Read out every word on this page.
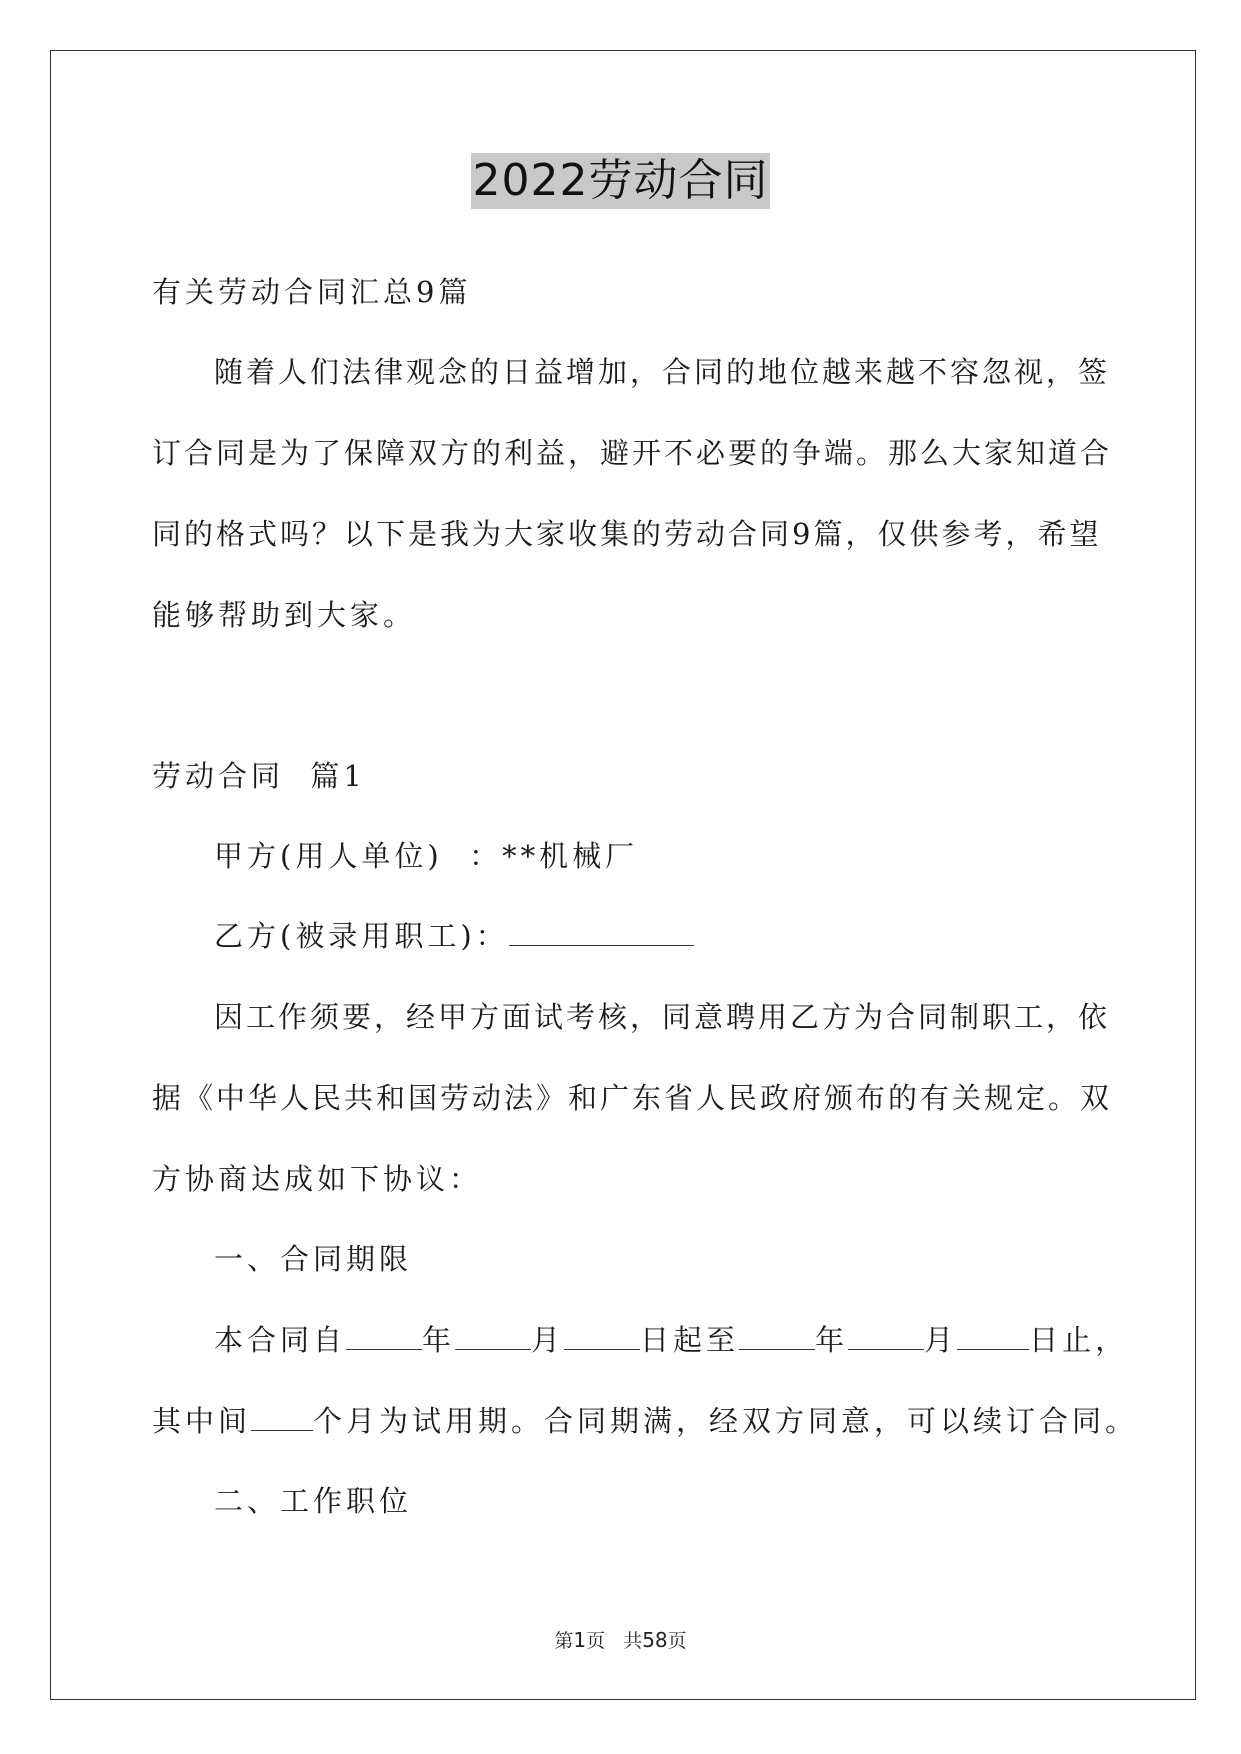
2022劳动合同
有关劳动合同汇总9篇
随着人们法律观念的日益增加，合同的地位越来越不容忽视，签
订合同是为了保障双方的利益，避开不必要的争端。那么大家知道合
同的格式吗？以下是我为大家收集的劳动合同9篇，仅供参考，希望
能够帮助到大家。
劳动合同  篇1
甲方(用人单位)  ：**机械厂
乙方(被录用职工)：
因工作须要，经甲方面试考核，同意聘用乙方为合同制职工，依
据《中华人民共和国劳动法》和广东省人民政府颁布的有关规定。双
方协商达成如下协议：
一、合同期限
本合同自	年	月	日起至	年	月 日止，
其中间 个月为试用期。合同期满，经双方同意，可以续订合同。
二、工作职位
第1页   共58页
